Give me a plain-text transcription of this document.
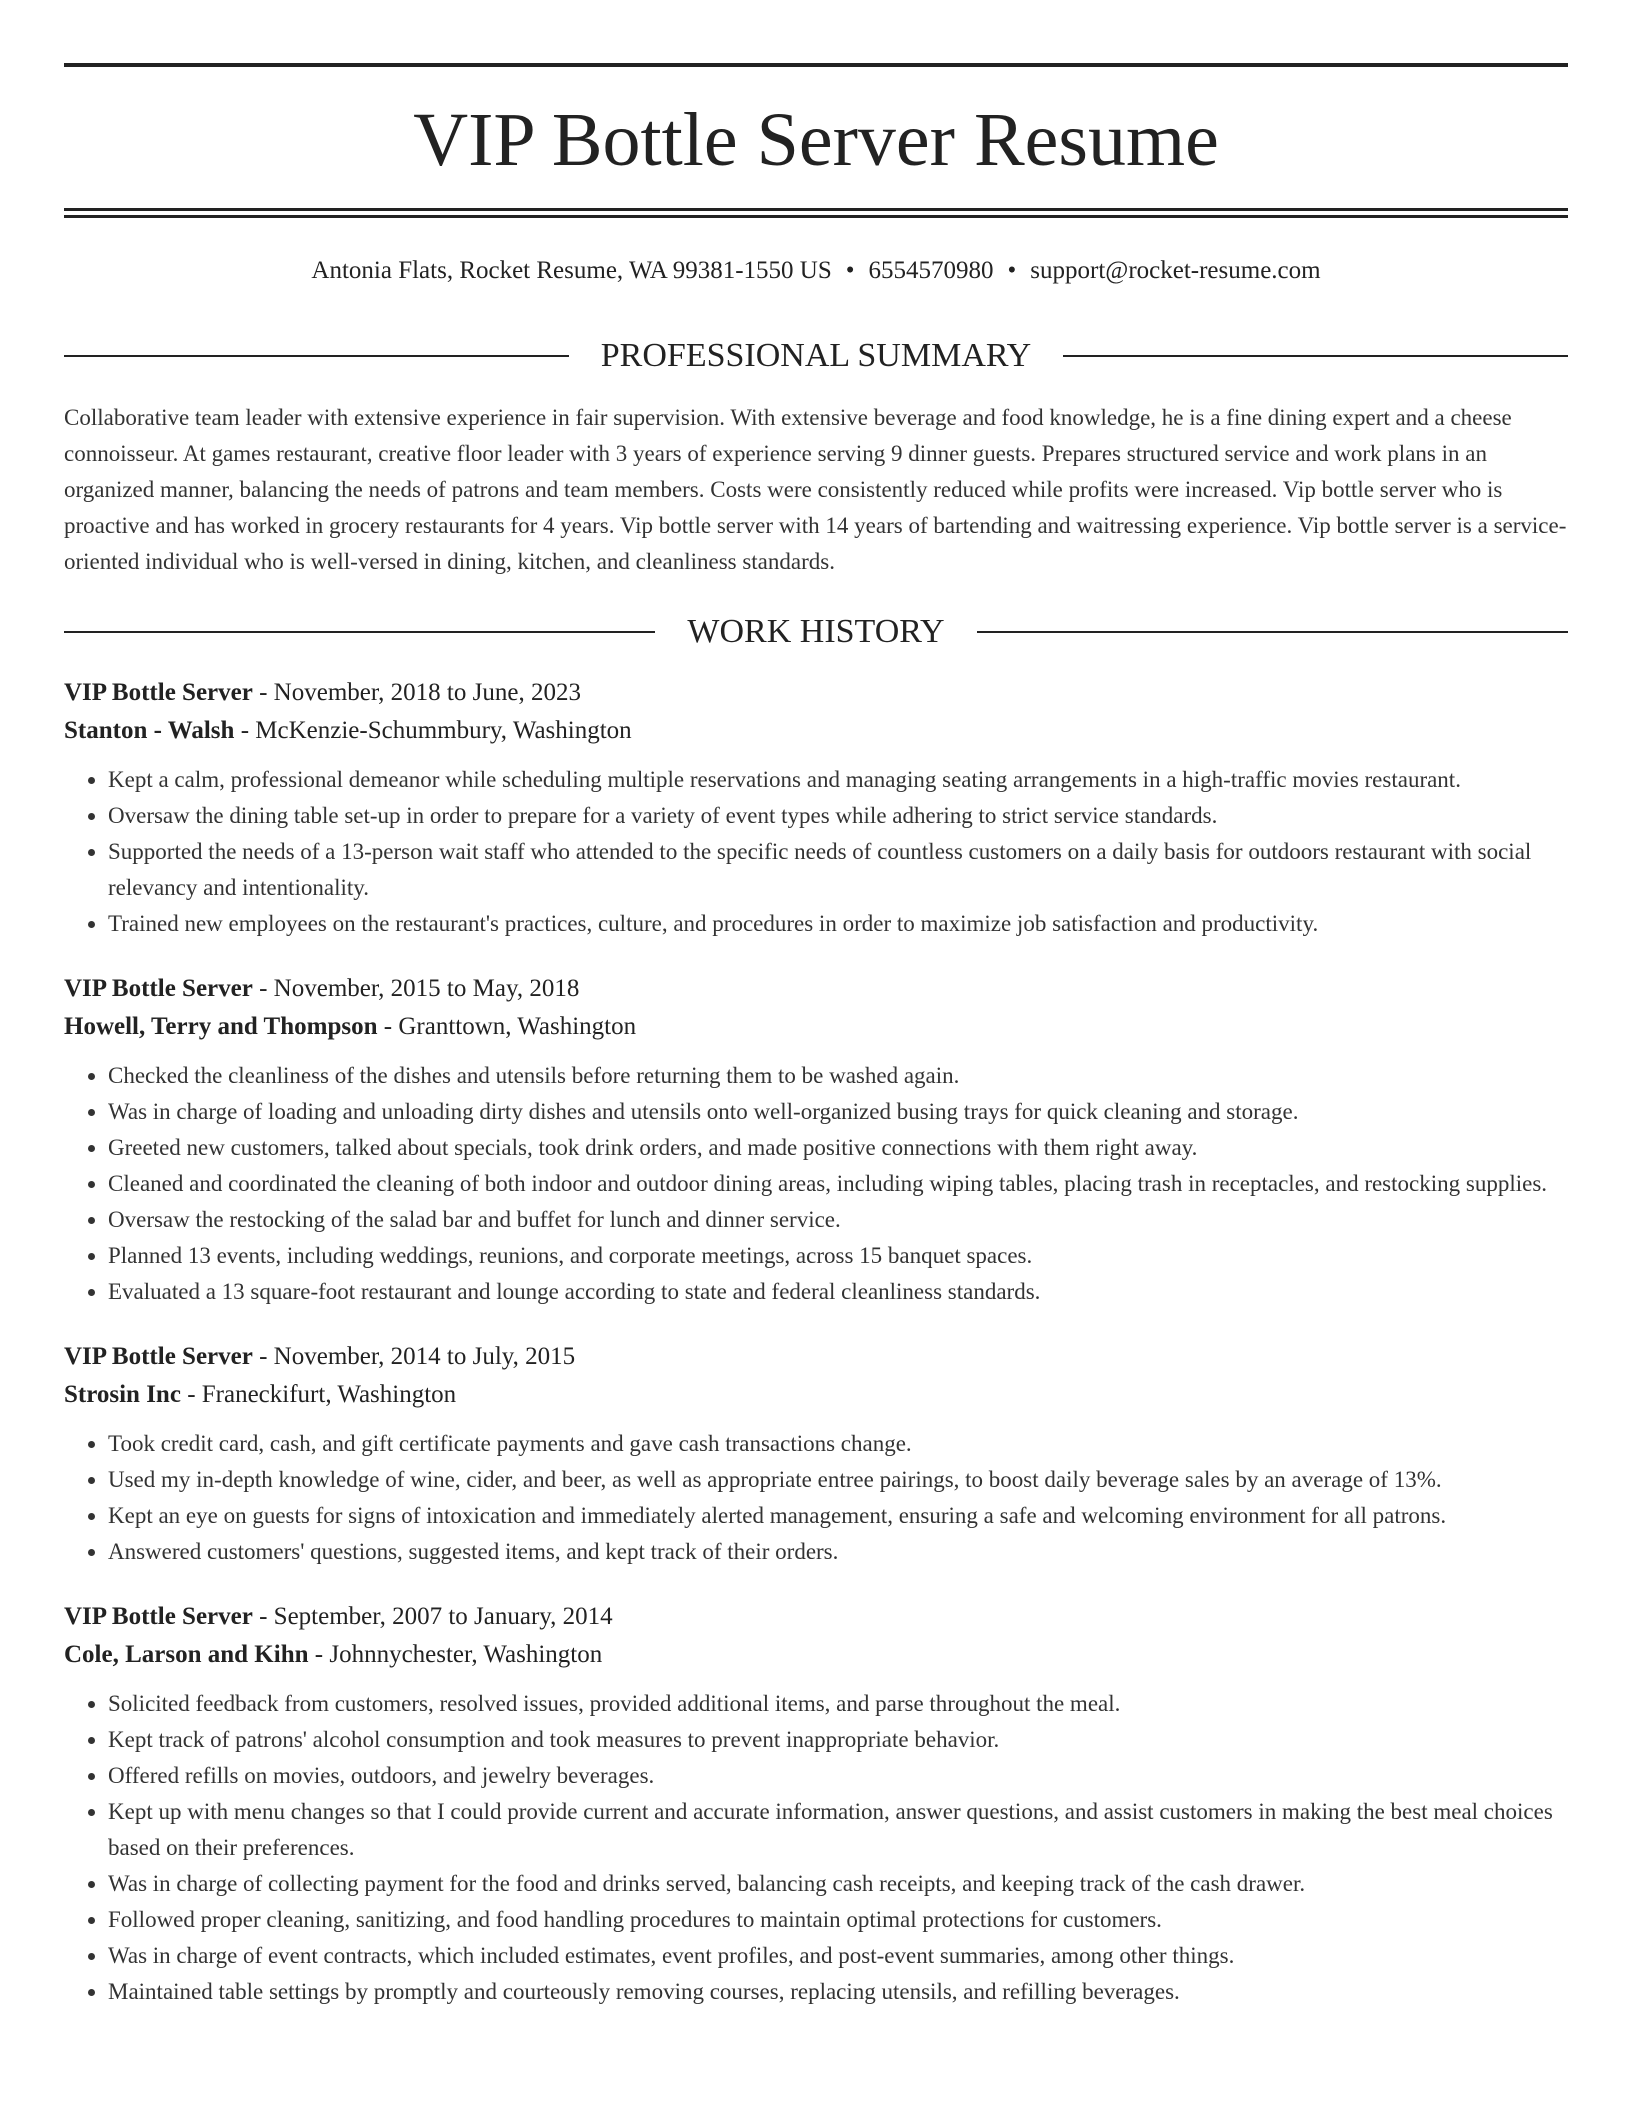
VIP Bottle Server Resume
Antonia Flats, Rocket Resume, WA 99381-1550 US • 6554570980 • support@rocket-resume.com
PROFESSIONAL SUMMARY

Collaborative team leader with extensive experience in fair supervision. With extensive beverage and food knowledge, he is a fine dining expert and a cheese connoisseur. At games restaurant, creative floor leader with 3 years of experience serving 9 dinner guests. Prepares structured service and work plans in an organized manner, balancing the needs of patrons and team members. Costs were consistently reduced while profits were increased. Vip bottle server who is proactive and has worked in grocery restaurants for 4 years. Vip bottle server with 14 years of bartending and waitressing experience. Vip bottle server is a service-oriented individual who is well-versed in dining, kitchen, and cleanliness standards.

WORK HISTORY

VIP Bottle Server - November, 2018 to June, 2023

Stanton - Walsh - McKenzie-Schummbury, Washington

• Kept a calm, professional demeanor while scheduling multiple reservations and managing seating arrangements in a high-traffic movies restaurant.
• Oversaw the dining table set-up in order to prepare for a variety of event types while adhering to strict service standards.
• Supported the needs of a 13-person wait staff who attended to the specific needs of countless customers on a daily basis for outdoors restaurant with social relevancy and intentionality.
• Trained new employees on the restaurant's practices, culture, and procedures in order to maximize job satisfaction and productivity.

VIP Bottle Server - November, 2015 to May, 2018

Howell, Terry and Thompson - Granttown, Washington

• Checked the cleanliness of the dishes and utensils before returning them to be washed again.
• Was in charge of loading and unloading dirty dishes and utensils onto well-organized busing trays for quick cleaning and storage.
• Greeted new customers, talked about specials, took drink orders, and made positive connections with them right away.
• Cleaned and coordinated the cleaning of both indoor and outdoor dining areas, including wiping tables, placing trash in receptacles, and restocking supplies.
• Oversaw the restocking of the salad bar and buffet for lunch and dinner service.
• Planned 13 events, including weddings, reunions, and corporate meetings, across 15 banquet spaces.
• Evaluated a 13 square-foot restaurant and lounge according to state and federal cleanliness standards.

VIP Bottle Server - November, 2014 to July, 2015

Strosin Inc - Franeckifurt, Washington

• Took credit card, cash, and gift certificate payments and gave cash transactions change.
• Used my in-depth knowledge of wine, cider, and beer, as well as appropriate entree pairings, to boost daily beverage sales by an average of 13%.
• Kept an eye on guests for signs of intoxication and immediately alerted management, ensuring a safe and welcoming environment for all patrons.
• Answered customers' questions, suggested items, and kept track of their orders.

VIP Bottle Server - September, 2007 to January, 2014

Cole, Larson and Kihn - Johnnychester, Washington

• Solicited feedback from customers, resolved issues, provided additional items, and parse throughout the meal.
• Kept track of patrons' alcohol consumption and took measures to prevent inappropriate behavior.
• Offered refills on movies, outdoors, and jewelry beverages.
• Kept up with menu changes so that I could provide current and accurate information, answer questions, and assist customers in making the best meal choices based on their preferences.
• Was in charge of collecting payment for the food and drinks served, balancing cash receipts, and keeping track of the cash drawer.
• Followed proper cleaning, sanitizing, and food handling procedures to maintain optimal protections for customers.
• Was in charge of event contracts, which included estimates, event profiles, and post-event summaries, among other things.
• Maintained table settings by promptly and courteously removing courses, replacing utensils, and refilling beverages.
